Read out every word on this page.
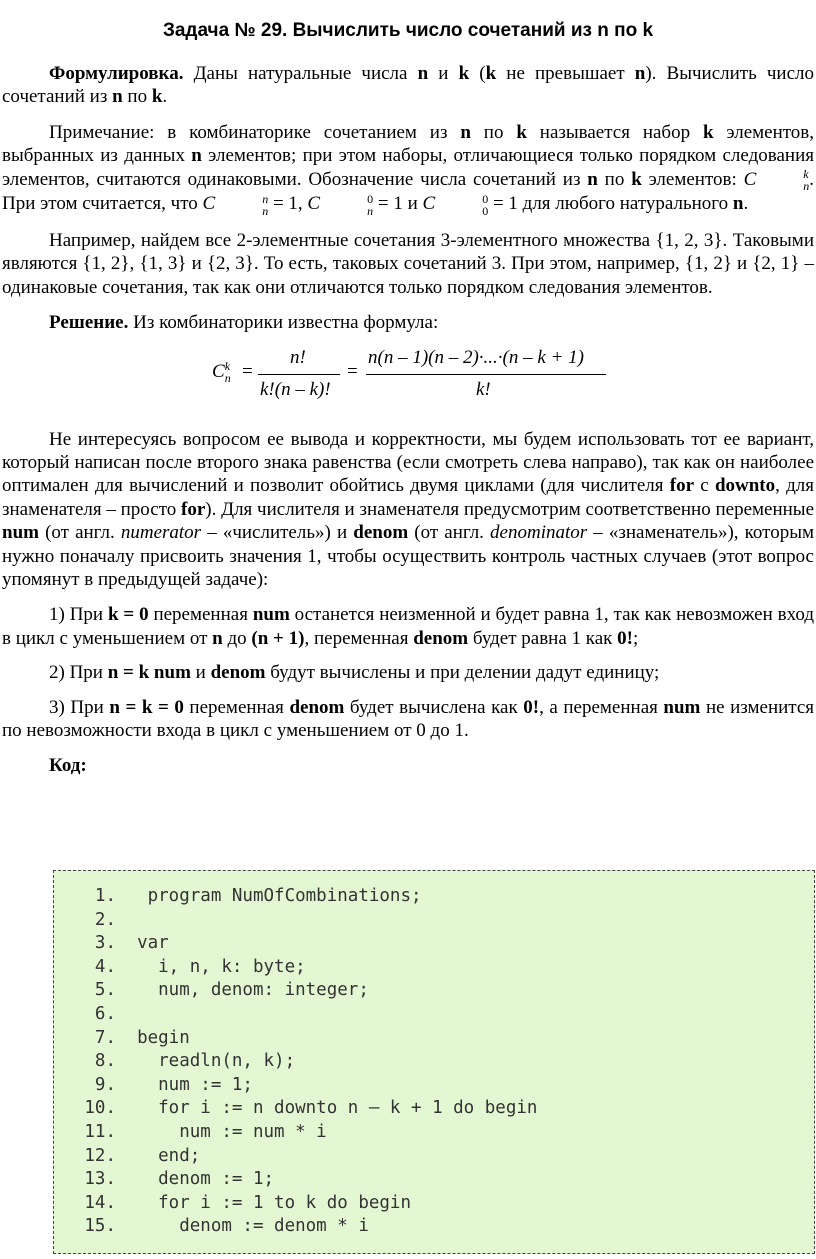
Задача № 29. Вычислить число сочетаний из n по k

Формулировка. Даны натуральные числа n и k (k не превышает n). Вычислить число сочетаний из n по k.

Примечание: в комбинаторике сочетанием из n по k называется набор k элементов, выбранных из данных n элементов; при этом наборы, отличающиеся только порядком следования элементов, считаются одинаковыми. Обозначение числа сочетаний из n по k элементов: C	k
n . При этом считается, что C	n
n = 1, C	0
n = 1 и C	0
0 = 1 для любого натурального n.

Например, найдем все 2-элементные сочетания 3-элементного множества {1, 2, 3}. Таковыми являются {1, 2}, {1, 3} и {2, 3}. То есть, таковых сочетаний 3. При этом, например, {1, 2} и {2, 1} – одинаковые сочетания, так как они отличаются только порядком следования элементов.

Решение. Из комбинаторики известна формула:

C k
n =
n!
k!(n – k)!
=
n(n – 1)(n – 2)·...·(n – k + 1)
k!

Не интересуясь вопросом ее вывода и корректности, мы будем использовать тот ее вариант, который написан после второго знака равенства (если смотреть слева направо), так как он наиболее оптимален для вычислений и позволит обойтись двумя циклами (для числителя for с downto, для знаменателя – просто for). Для числителя и знаменателя предусмотрим соответственно переменные num (от англ. numerator – «числитель») и denom (от англ. denominator – «знаменатель»), которым нужно поначалу присвоить значения 1, чтобы осуществить контроль частных случаев (этот вопрос упомянут в предыдущей задаче):

1) При k = 0 переменная num останется неизменной и будет равна 1, так как невозможен вход в цикл с уменьшением от n до (n + 1), переменная denom будет равна 1 как 0!;

2) При n = k num и denom будут вычислены и при делении дадут единицу;

3) При n = k = 0 переменная denom будет вычислена как 0!, а переменная num не изменится по невозможности входа в цикл с уменьшением от 0 до 1.

Код:

1.   program NumOfCombinations;
2.
3.  var
4.    i, n, k: byte;
5.    num, denom: integer;
6.
7.  begin
8.    readln(n, k);
9.    num := 1;
10.    for i := n downto n – k + 1 do begin
11.      num := num * i
12.    end;
13.    denom := 1;
14.    for i := 1 to k do begin
15.      denom := denom * i
